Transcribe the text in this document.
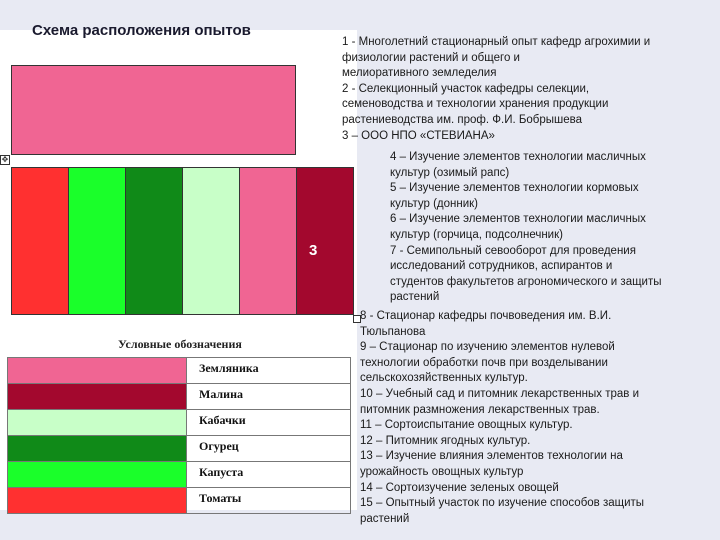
Схема расположения опытов
✥
3
Условные обозначения
	Земляника
	Малина
	Кабачки
	Огурец
	Капуста
	Томаты
1 - Многолетний стационарный опыт кафедр агрохимии и
физиологии растений и общего и
мелиоративного земледелия
2 - Селекционный участок кафедры селекции,
семеноводства и технологии хранения продукции
растениеводства им. проф. Ф.И. Бобрышева
3 – ООО НПО «СТЕВИАНА»
4 – Изучение элементов технологии масличных
культур (озимый рапс)
5 – Изучение элементов технологии кормовых
культур (донник)
6 – Изучение элементов технологии масличных
культур (горчица, подсолнечник)
7 - Семипольный севооборот для проведения
исследований сотрудников, аспирантов и
студентов факультетов агрономического и защиты
растений
8 - Стационар кафедры почвоведения им. В.И.
Тюльпанова
9 – Стационар по изучению элементов нулевой
технологии обработки почв при возделывании
сельскохозяйственных культур.
10 – Учебный сад и питомник лекарственных трав и
питомник размножения лекарственных трав.
11 – Сортоиспытание овощных культур.
12 – Питомник ягодных культур.
13 – Изучение влияния элементов технологии на
урожайность овощных культур
14 – Сортоизучение зеленых овощей
15 – Опытный участок по изучение способов защиты
растений
